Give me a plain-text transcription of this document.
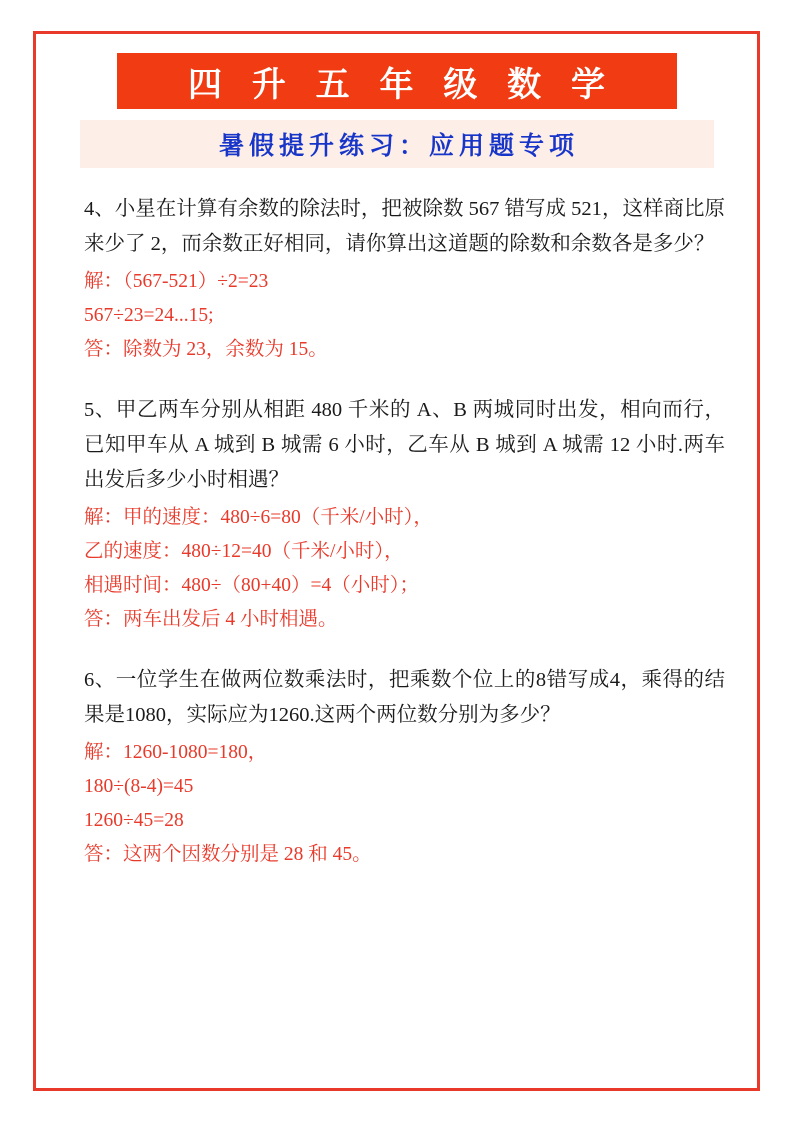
四 升 五 年 级 数 学
暑假提升练习：应用题专项
4、小星在计算有余数的除法时，把被除数 567 错写成 521，这样商比原来少了 2，而余数正好相同，请你算出这道题的除数和余数各是多少？
解：（567-521）÷2=23
567÷23=24...15;
答：除数为 23，余数为 15。
5、甲乙两车分别从相距 480 千米的 A、B 两城同时出发，相向而行，已知甲车从 A 城到 B 城需 6 小时，乙车从 B 城到 A 城需 12 小时.两车出发后多少小时相遇？
解：甲的速度：480÷6=80（千米/小时），
乙的速度：480÷12=40（千米/小时），
相遇时间：480÷（80+40）=4（小时）；
答：两车出发后 4 小时相遇。
6、一位学生在做两位数乘法时，把乘数个位上的8错写成4，乘得的结果是1080，实际应为1260.这两个两位数分别为多少？
解：1260-1080=180，
180÷(8-4)=45
1260÷45=28
答：这两个因数分别是 28 和 45。
